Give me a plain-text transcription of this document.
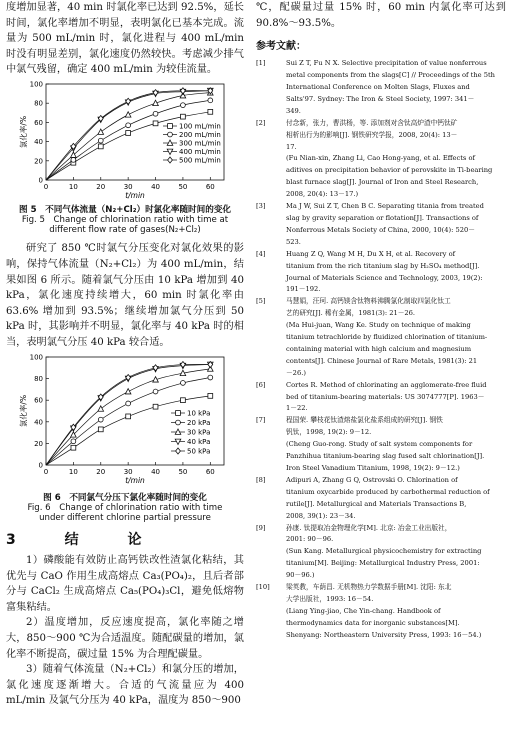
度增加显著，40 min 时氯化率已达到 92.5%，延长时间，氯化率增加不明显，表明氯化已基本完成。流量为 500 mL/min 时，氯化进程与 400 mL/min 时没有明显差别，氯化速度仍然较快。考虑减少排气中氯气残留，确定 400 mL/min 为较佳流量。

0
20
40
60
80
100
0	10	20	30	40	50	60
t/min
氯化率/%	100 mL/min
200 mL/min
300 mL/min
400 mL/min
500 mL/min

图 5　不同气体流量（N₂+Cl₂）时氯化率随时间的变化

Fig. 5　Change of chlorination ratio with time at

different flow rate of gases(N₂+Cl₂)

研究了 850 ℃时氯气分压变化对氯化效果的影响，保持气体流量（N₂+Cl₂）为 400 mL/min，结果如图 6 所示。随着氯气分压由 10 kPa 增加到 40 kPa，氯化速度持续增大，60 min 时氯化率由 63.6% 增加到 93.5%；继续增加氯气分压到 50 kPa 时，其影响并不明显，氯化率与 40 kPa 时的相当，表明氯气分压 40 kPa 较合适。

0
20
40
60
80
100
0	10	20	30	40	50	60
t/min
氯化率/%	10 kPa
20 kPa
30 kPa
40 kPa
50 kPa

图 6　不同氯气分压下氯化率随时间的变化

Fig. 6　Change of chlorination ratio with time

under different chlorine partial pressure

3 结 论

1）磷酸能有效防止高钙铁改性渣氯化粘结，其优先与 CaO 作用生成高熔点 Ca₃(PO₄)₂，且后者部分与 CaCl₂ 生成高熔点 Ca₅(PO₄)₃Cl，避免低熔物富集粘结。

2）温度增加，反应速度提高，氯化率随之增大，850～900 ℃为合适温度。随配碳量的增加，氯化率不断提高，碳过量 15% 为合理配碳量。

3）随着气体流量（N₂+Cl₂）和氯分压的增加，氯化速度逐渐增大。合适的气流量应为 400 mL/min 及氯气分压为 40 kPa，温度为 850～900

℃，配碳量过量 15% 时，60 min 内氯化率可达到 90.8%～93.5%。

参考文献：
[1]	Sui Z T, Fu N X. Selective precipitation of value nonferrous
metal components from the slags[C] // Proceedings of the 5th
International Conference on Molten Slags, Fluxes and
Salts'97. Sydney: The Iron & Steel Society, 1997: 341－
349.
[2]	付念新，张力，曹洪杨，等. 添加剂对含钛高炉渣中钙钛矿
相析出行为的影响[J]. 钢铁研究学报，2008, 20(4): 13－
17.
(Fu Nian-xin, Zhang Li, Cao Hong-yang, et al. Effects of
aditives on precipitation behavior of perovskite in Ti-bearing
blast furnace slag[J]. Journal of Iron and Steel Research,
2008, 20(4): 13－17.)
[3]	Ma J W, Sui Z T, Chen B C. Separating titania from treated
slag by gravity separation or flotation[J]. Transactions of
Nonferrous Metals Society of China, 2000, 10(4): 520－
523.
[4]	Huang Z Q, Wang M H, Du X H, et al. Recovery of
titanium from the rich titanium slag by H₂SO₄ method[J].
Journal of Materials Science and Technology, 2003, 19(2):
191－192.
[5]	马慧娟，汪珂. 高钙镁含钛物料沸腾氯化制取四氯化钛工
艺的研究[J]. 稀有金属，1981(3): 21－26.
(Ma Hui-juan, Wang Ke. Study on technique of making
titanium tetrachloride by fluidized chlorination of titanium-
containing material with high calcium and magnesium
contents[J]. Chinese Journal of Rare Metals, 1981(3): 21
－26.)
[6]	Cortes R. Method of chlorinating an agglomerate-free fluid
bed of titanium-bearing materials: US 3074777[P]. 1963－
1－22.
[7]	程国荣. 攀枝花钛渣熔盐氯化盐系组成的研究[J]. 钢铁
钒钛，1998, 19(2): 9－12.
(Cheng Guo-rong. Study of salt system components for
Panzhihua titanium-bearing slag fused salt chlorination[J].
Iron Steel Vanadium Titanium, 1998, 19(2): 9－12.)
[8]	Adipuri A, Zhang G Q, Ostrovski O. Chlorination of
titanium oxycarbide produced by carbothermal reduction of
rutile[J]. Metallurgical and Materials Transactions B,
2008, 39(1): 23－34.
[9]	孙康. 钛提取冶金物理化学[M]. 北京: 冶金工业出版社，
2001: 90－96.
(Sun Kang. Metallurgical physicochemistry for extracting
titanium[M]. Beijing: Metallurgical Industry Press, 2001:
90－96.)
[10]	梁英教，车荫昌. 无机物热力学数据手册[M]. 沈阳: 东北
大学出版社，1993: 16－54.
(Liang Ying-jiao, Che Yin-chang. Handbook of
thermodynamics data for inorganic substances[M].
Shenyang: Northeastern University Press, 1993: 16－54.)
